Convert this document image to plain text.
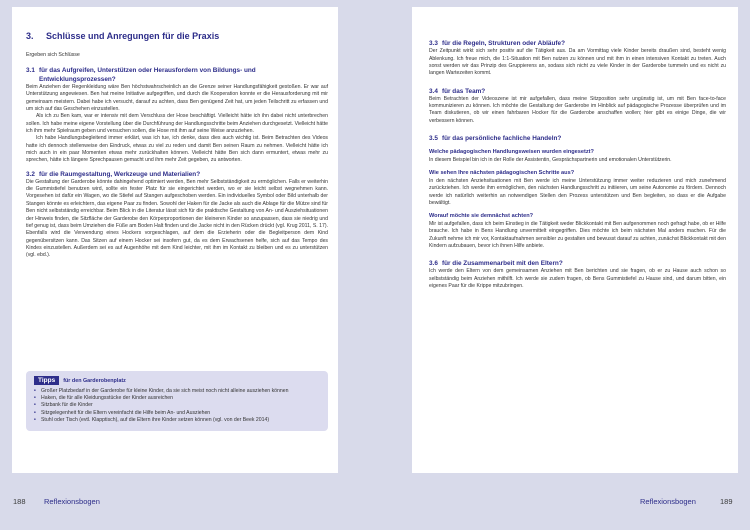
3. Schlüsse und Anregungen für die Praxis
Ergeben sich Schlüsse
3.1 für das Aufgreifen, Unterstützen oder Herausfordern von Bildungs- und Entwicklungsprozessen?

Beim Anziehen der Regenkleidung wäre Ben höchstwahrscheinlich an die Grenze seiner Handlungsfähigkeit gestoßen. Er war auf Unterstützung angewiesen. Ben hat meine Initiative aufgegriffen, und durch die Kooperation konnte er die Herausforderung mit mir gemeinsam meistern. Dabei habe ich versucht, darauf zu achten, dass Ben genügend Zeit hat, um jeden Teilschritt zu erfassen und um sich auf das Geschehen einzustellen.

Als ich zu Ben kam, war er intensiv mit dem Verschluss der Hose beschäftigt. Vielleicht hätte ich ihn dabei nicht unterbrechen sollen. Ich habe meine eigene Vorstellung über die Durchführung der Handlungsschritte beim Anziehen durchgesetzt. Vielleicht hätte ich ihm mehr Spielraum geben und versuchen sollen, die Hose mit ihm auf seine Weise anzuziehen.

Ich habe Handlungsbegleitend immer erklärt, was ich tue, ich denke, dass dies auch wichtig ist. Beim Betrachten des Videos hatte ich dennoch stellenweise den Eindruck, etwas zu viel zu reden und damit Ben seinen Raum zu nehmen. Vielleicht hätte ich mich auch in ein paar Momenten etwas mehr zurückhalten können. Vielleicht hätte Ben sich dann ermuntert, etwas mehr zu sprechen, hätte ich längere Sprechpausen gemacht und ihm mehr Zeit gegeben, zu antworten.

3.2 für die Raumgestaltung, Werkzeuge und Materialien?

Die Gestaltung der Garderobe könnte dahingehend optimiert werden, Ben mehr Selbstständigkeit zu ermöglichen. Falls er weiterhin die Gummistiefel benutzen wird, sollte ein fester Platz für sie eingerichtet werden, wo er sie leicht selbst wegnehmen kann. Vorgesehen ist dafür ein Wagen, wo die Stiefel auf Stangen aufgeschoben werden. Ein individuelles Symbol oder Bild unterhalb der Stangen könnte es erleichtern, das eigene Paar zu finden. Sowohl der Haken für die Jacke als auch die Ablage für die Mütze sind für Ben nicht selbstständig erreichbar. Beim Blick in die Literatur lässt sich für die praktische Gestaltung von An- und Ausziehsituationen der Hinweis finden, die Sitzfläche der Garderobe den Körperproportionen der kleineren Kinder so anzupassen, dass sie niedrig und tief genug ist, dass beim Umziehen die Füße am Boden Halt finden und die Jacke nicht in den Rücken drückt (vgl. Krug 2011, S. 17). Ebenfalls wird die Verwendung eines Hockers vorgeschlagen, auf dem die Erzieherin oder die Begleitperson dem Kind gegenübersitzen kann. Das Sitzen auf einem Hocker sei insofern gut, da es dem Erwachsenen helfe, sich auf das Tempo des Kindes einzustellen. Außerdem sei es auf Augenhöhe mit dem Kind leichter, mit ihm im Kontakt zu bleiben und es zu unterstützen (vgl. ebd.).

Tipps	für den Garderobenplatz
•	Großer Platzbedarf in der Garderobe für kleine Kinder, da sie sich meist noch nicht alleine ausziehen können
•	Haken, die für alle Kleidungsstücke der Kinder ausreichen
•	Sitzbank für die Kinder
•	Sitzgelegenheit für die Eltern vereinfacht die Hilfe beim An- und Ausziehen
•	Stuhl oder Tisch (evtl. Klapptisch), auf die Eltern ihre Kinder setzen können (vgl. von der Beek 2014)
3.3 für die Regeln, Strukturen oder Abläufe?

Der Zeitpunkt wirkt sich sehr positiv auf die Tätigkeit aus. Da am Vormittag viele Kinder bereits draußen sind, besteht wenig Ablenkung. Ich freue mich, die 1:1-Situation mit Ben nutzen zu können und mit ihm in einen intensiven Kontakt zu treten. Auch sonst werden wir das Prinzip des Gruppierens an, sodass sich nicht zu viele Kinder in der Garderobe tummeln und es nicht zu langen Wartezeiten kommt.

3.4 für das Team?

Beim Betrachten der Videoszene ist mir aufgefallen, dass meine Sitzposition sehr ungünstig ist, um mit Ben face-to-face kommunizieren zu können. Ich möchte die Gestaltung der Garderobe im Hinblick auf pädagogische Prozesse überprüfen und im Team diskutieren, ob wir einen fahrbaren Hocker für die Garderobe anschaffen wollen; hier gibt es einige Dinge, die wir verbessern können.

3.5 für das persönliche fachliche Handeln?
Welche pädagogischen Handlungsweisen wurden eingesetzt?

In diesem Beispiel bin ich in der Rolle der Assistentin, Gesprächspartnerin und emotionalen Unterstützerin.

Wie sehen Ihre nächsten pädagogischen Schritte aus?

In den nächsten Anziehsituationen mit Ben werde ich meine Unterstützung immer weiter reduzieren und mich zunehmend zurückziehen. Ich werde ihm ermöglichen, den nächsten Handlungsschritt zu initiieren, um seine Autonomie zu fördern. Dennoch werde ich natürlich weiterhin an notwendigen Stellen den Prozess unterstützen und Ben begleiten, so dass er die Aufgabe bewältigt.

Worauf möchte sie demnächst achten?

Mir ist aufgefallen, dass ich beim Einstieg in die Tätigkeit weder Blickkontakt mit Ben aufgenommen noch gefragt habe, ob er Hilfe brauche. Ich habe in Bens Handlung unvermittelt eingegriffen. Dies möchte ich beim nächsten Mal anders machen. Für die Zukunft nehme ich mir vor, Kontaktaufnahmen sensibler zu gestalten und bewusst darauf zu achten, zunächst Blickkontakt mit den Kindern aufzubauen, bevor ich ihnen Hilfe anbiete.

3.6 für die Zusammenarbeit mit den Eltern?

Ich werde den Eltern von dem gemeinsamen Anziehen mit Ben berichten und sie fragen, ob er zu Hause auch schon so selbstständig beim Anziehen mithilft. Ich werde sie zudem fragen, ob Bens Gummistiefel zu Hause sind, und darum bitten, ein eigenes Paar für die Krippe mitzubringen.

188 Reflexionsbogen	Reflexionsbogen	189
